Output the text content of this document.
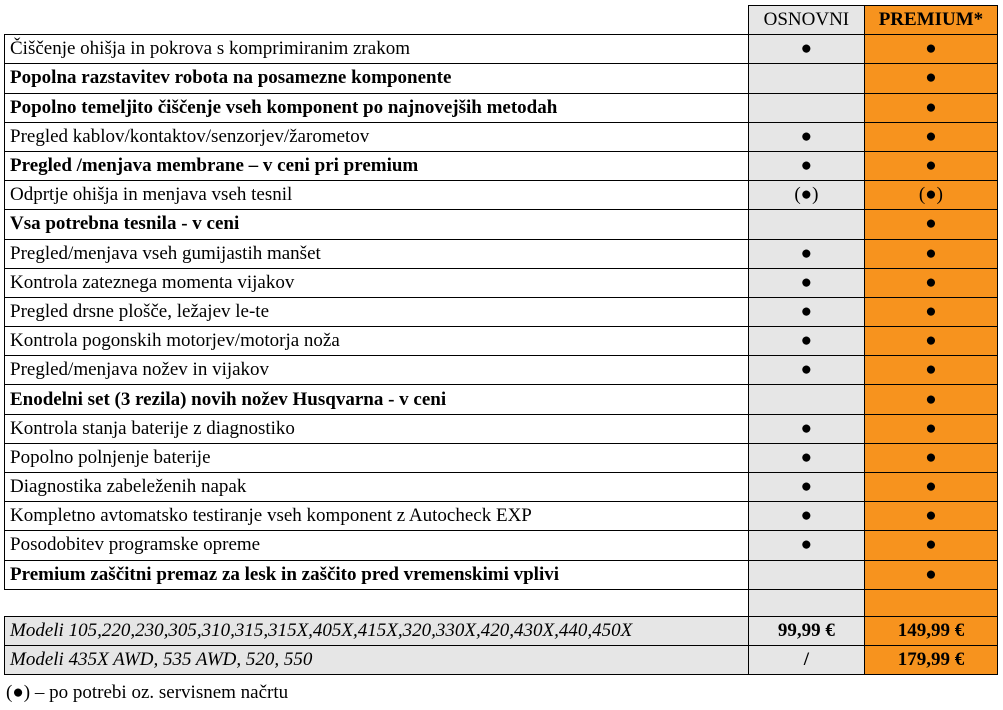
	OSNOVNI	PREMIUM*
Čiščenje ohišja in pokrova s komprimiranim zrakom	●	●
Popolna razstavitev robota na posamezne komponente		●
Popolno temeljito čiščenje vseh komponent po najnovejših metodah		●
Pregled kablov/kontaktov/senzorjev/žarometov	●	●
Pregled /menjava membrane – v ceni pri premium	●	●
Odprtje ohišja in menjava vseh tesnil	(●)	(●)
Vsa potrebna tesnila - v ceni		●
Pregled/menjava vseh gumijastih manšet	●	●
Kontrola zateznega momenta vijakov	●	●
Pregled drsne plošče, ležajev le-te	●	●
Kontrola pogonskih motorjev/motorja noža	●	●
Pregled/menjava nožev in vijakov	●	●
Enodelni set (3 rezila) novih nožev Husqvarna - v ceni		●
Kontrola stanja baterije z diagnostiko	●	●
Popolno polnjenje baterije	●	●
Diagnostika zabeleženih napak	●	●
Kompletno avtomatsko testiranje vseh komponent z Autocheck EXP	●	●
Posodobitev programske opreme	●	●
Premium zaščitni premaz za lesk in zaščito pred vremenskimi vplivi		●

Modeli 105,220,230,305,310,315,315X,405X,415X,320,330X,420,430X,440,450X	99,99 €	149,99 €
Modeli 435X AWD, 535 AWD, 520, 550	/	179,99 €
(●) – po potrebi oz. servisnem načrtu
